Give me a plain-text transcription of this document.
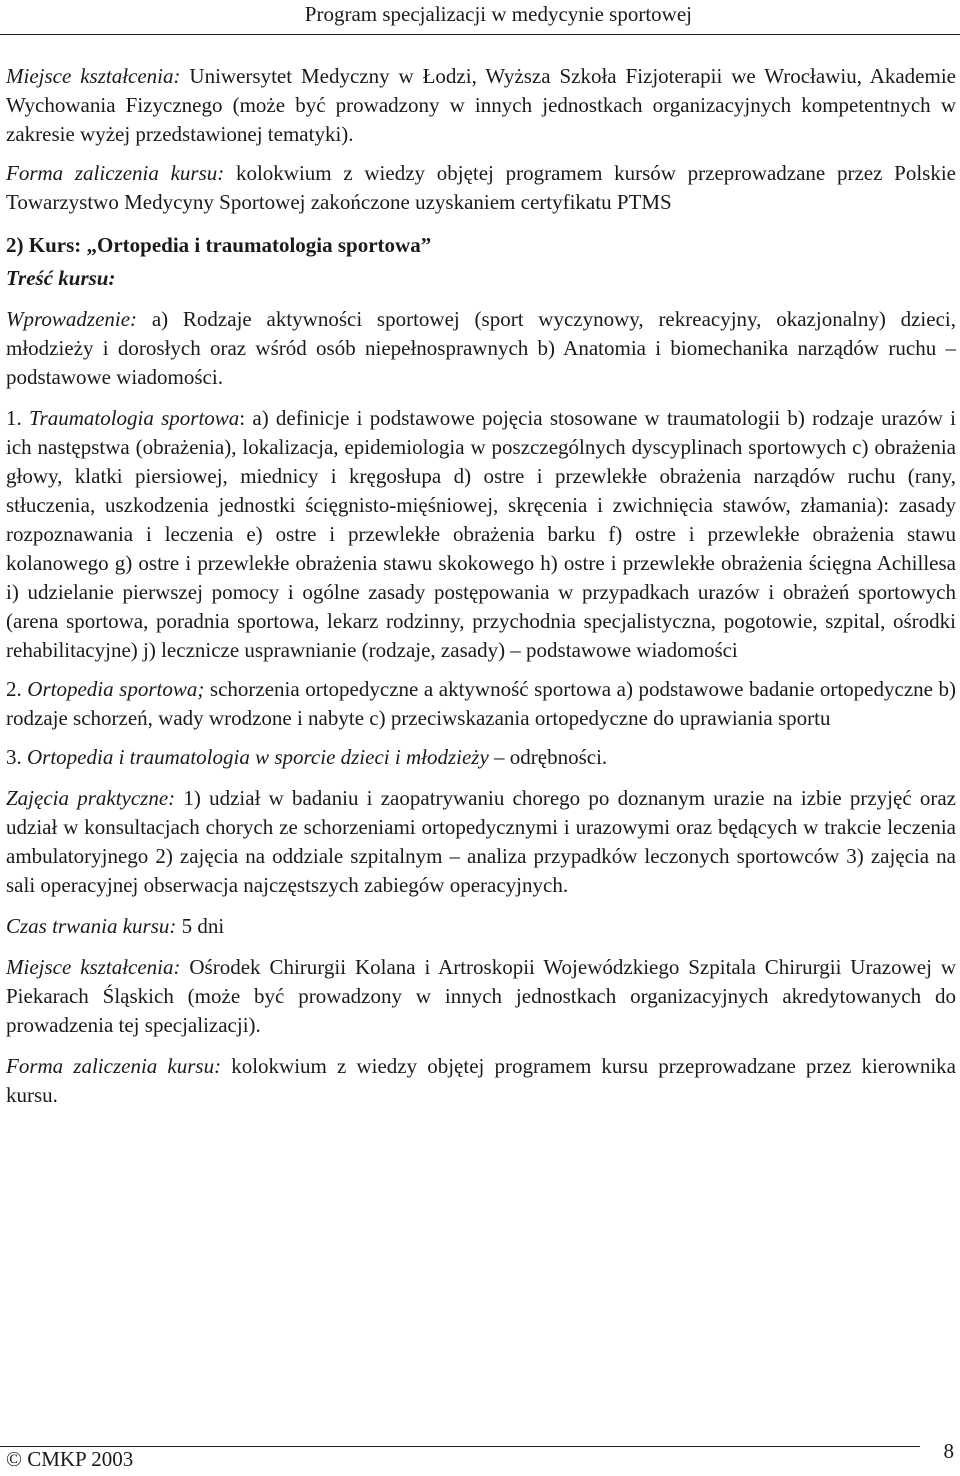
Program specjalizacji w medycynie sportowej

Miejsce kształcenia: Uniwersytet Medyczny w Łodzi, Wyższa Szkoła Fizjoterapii we Wrocławiu, Akademie Wychowania Fizycznego (może być prowadzony w innych jednostkach organizacyjnych kompetentnych w zakresie wyżej przedstawionej tematyki).

Forma zaliczenia kursu: kolokwium z wiedzy objętej programem kursów przeprowadzane przez Polskie Towarzystwo Medycyny Sportowej zakończone uzyskaniem certyfikatu PTMS

2) Kurs: „Ortopedia i traumatologia sportowa”

Treść kursu:

Wprowadzenie: a) Rodzaje aktywności sportowej (sport wyczynowy, rekreacyjny, okazjonalny) dzieci, młodzieży i dorosłych oraz wśród osób niepełnosprawnych b) Anatomia i biomechanika narządów ruchu – podstawowe wiadomości.

1. Traumatologia sportowa: a) definicje i podstawowe pojęcia stosowane w traumatologii b) rodzaje urazów i ich następstwa (obrażenia), lokalizacja, epidemiologia w poszczególnych dyscyplinach sportowych c) obrażenia głowy, klatki piersiowej, miednicy i kręgosłupa d) ostre i przewlekłe obrażenia narządów ruchu (rany, stłuczenia, uszkodzenia jednostki ścięgnisto-mięśniowej, skręcenia i zwichnięcia stawów, złamania): zasady rozpoznawania i leczenia e) ostre i przewlekłe obrażenia barku f) ostre i przewlekłe obrażenia stawu kolanowego g) ostre i przewlekłe obrażenia stawu skokowego h) ostre i przewlekłe obrażenia ścięgna Achillesa i) udzielanie pierwszej pomocy i ogólne zasady postępowania w przypadkach urazów i obrażeń sportowych (arena sportowa, poradnia sportowa, lekarz rodzinny, przychodnia specjalistyczna, pogotowie, szpital, ośrodki rehabilitacyjne) j) lecznicze usprawnianie (rodzaje, zasady) – podstawowe wiadomości

2. Ortopedia sportowa; schorzenia ortopedyczne a aktywność sportowa a) podstawowe badanie ortopedyczne b) rodzaje schorzeń, wady wrodzone i nabyte c) przeciwskazania ortopedyczne do uprawiania sportu

3. Ortopedia i traumatologia w sporcie dzieci i młodzieży – odrębności.

Zajęcia praktyczne: 1) udział w badaniu i zaopatrywaniu chorego po doznanym urazie na izbie przyjęć oraz udział w konsultacjach chorych ze schorzeniami ortopedycznymi i urazowymi oraz będących w trakcie leczenia ambulatoryjnego 2) zajęcia na oddziale szpitalnym – analiza przypadków leczonych sportowców 3) zajęcia na sali operacyjnej obserwacja najczęstszych zabiegów operacyjnych.

Czas trwania kursu: 5 dni

Miejsce kształcenia: Ośrodek Chirurgii Kolana i Artroskopii Wojewódzkiego Szpitala Chirurgii Urazowej w Piekarach Śląskich (może być prowadzony w innych jednostkach organizacyjnych akredytowanych do prowadzenia tej specjalizacji).

Forma zaliczenia kursu: kolokwium z wiedzy objętej programem kursu przeprowadzane przez kierownika kursu.

© CMKP 2003	8
